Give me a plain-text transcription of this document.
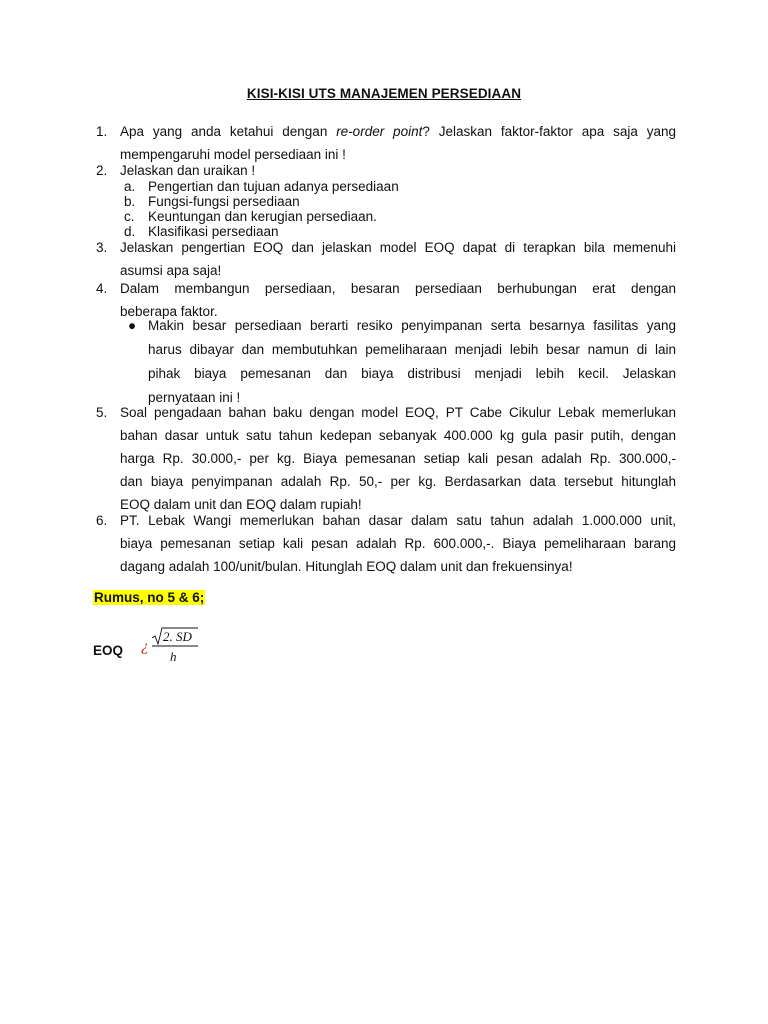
KISI-KISI UTS MANAJEMEN PERSEDIAAN
1. Apa yang anda ketahui dengan re-order point? Jelaskan faktor-faktor apa saja yang
mempengaruhi model persediaan ini !
2. Jelaskan dan uraikan !
a. Pengertian dan tujuan adanya persediaan
b. Fungsi-fungsi persediaan
c. Keuntungan dan kerugian persediaan.
d. Klasifikasi persediaan
3. Jelaskan pengertian EOQ dan jelaskan model EOQ dapat di terapkan bila memenuhi
asumsi apa saja!
4. Dalam membangun persediaan, besaran persediaan berhubungan erat dengan
beberapa faktor.
● Makin besar persediaan berarti resiko penyimpanan serta besarnya fasilitas yang
harus dibayar dan membutuhkan pemeliharaan menjadi lebih besar namun di lain
pihak biaya pemesanan dan biaya distribusi menjadi lebih kecil. Jelaskan
pernyataan ini !
5. Soal pengadaan bahan baku dengan model EOQ, PT Cabe Cikulur Lebak memerlukan
bahan dasar untuk satu tahun kedepan sebanyak 400.000 kg gula pasir putih, dengan
harga Rp. 30.000,- per kg. Biaya pemesanan setiap kali pesan adalah Rp. 300.000,-
dan biaya penyimpanan adalah Rp. 50,- per kg. Berdasarkan data tersebut hitunglah
EOQ dalam unit dan EOQ dalam rupiah!
6. PT. Lebak Wangi memerlukan bahan dasar dalam satu tahun adalah 1.000.000 unit,
biaya pemesanan setiap kali pesan adalah Rp. 600.000,-. Biaya pemeliharaan barang
dagang adalah 100/unit/bulan. Hitunglah EOQ dalam unit dan frekuensinya!
Rumus, no 5 & 6;
EOQ ¿
2. SD
h
